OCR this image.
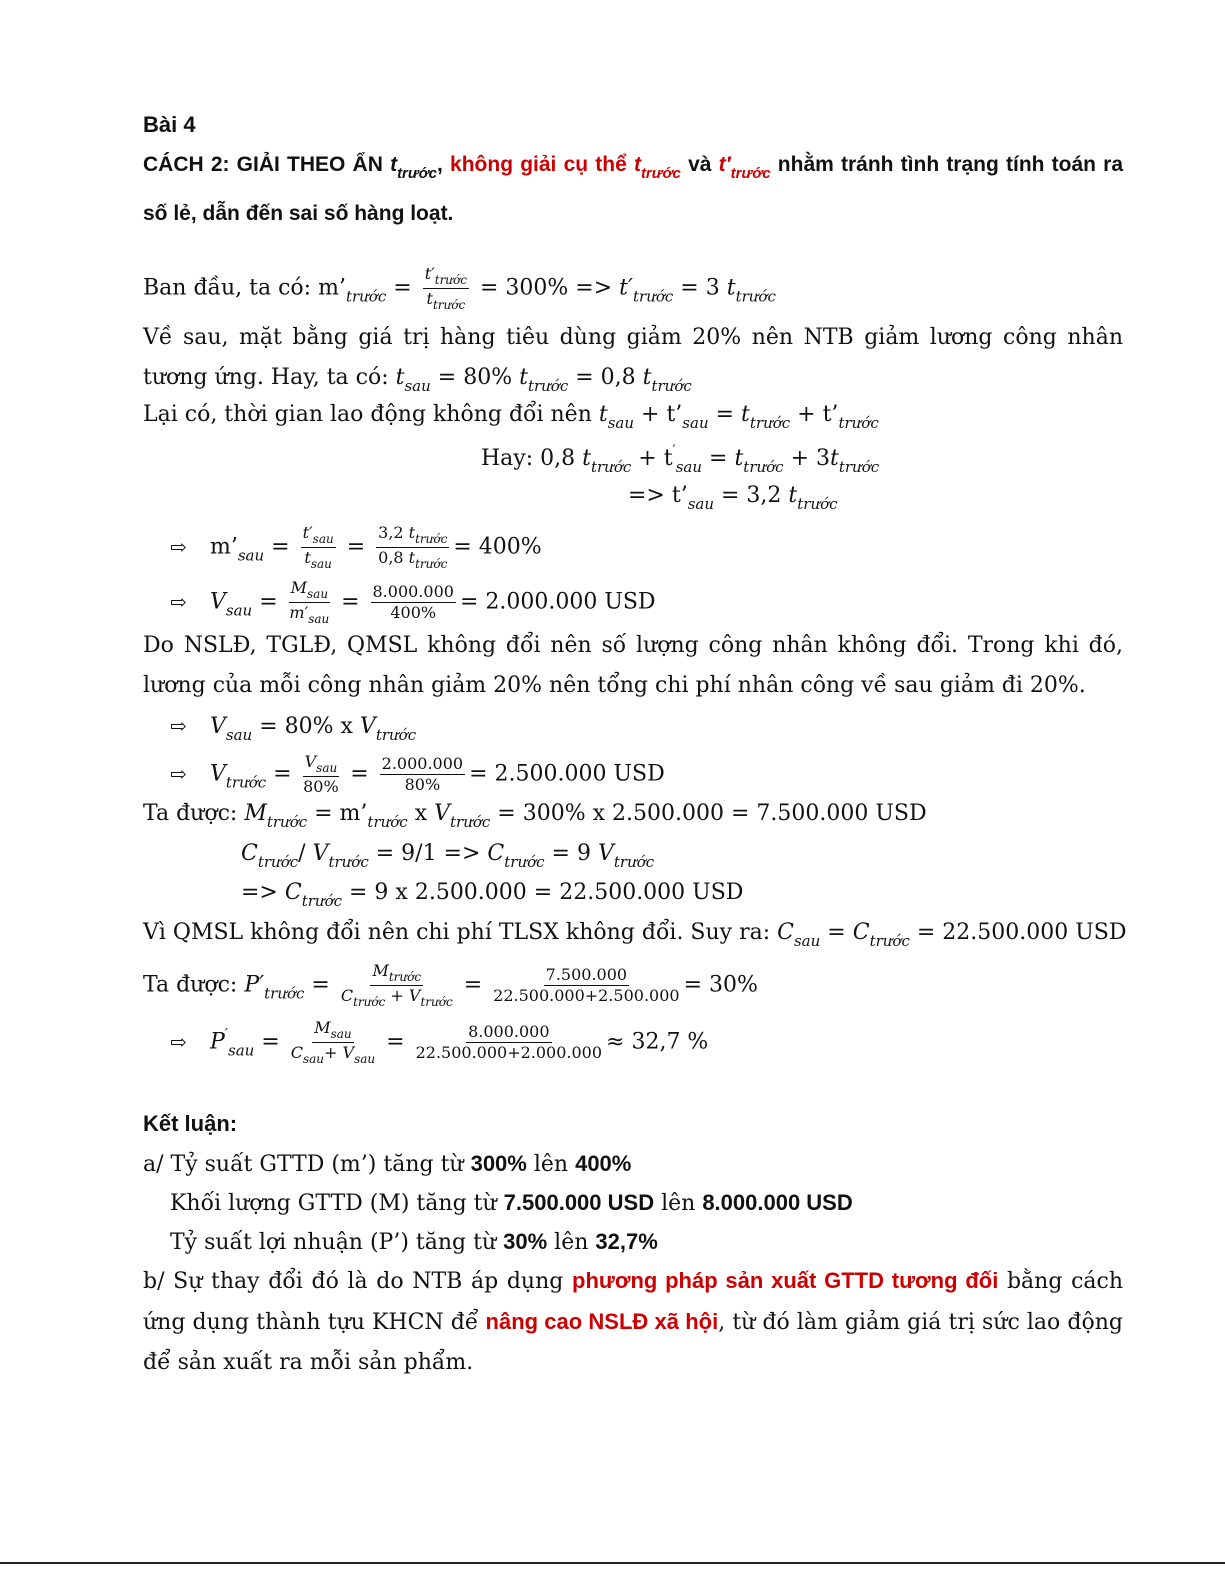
Bài 4
CÁCH 2: GIẢI THEO ẨN $t_{trước}$, không giải cụ thể $t_{trước}$ và $t'_{trước}$ nhằm tránh tình trạng tính toán ra số lẻ, dẫn đến sai số hàng loạt.
Ban đầu, ta có: $m’_{trước} = \frac{t'_{trước}}{t_{trước}} = 300\% => t'_{trước} = 3$ $t_{trước}$
Về sau, mặt bằng giá trị hàng tiêu dùng giảm 20% nên NTB giảm lương công nhân tương ứng. Hay, ta có: $t_{sau} = 80\%$ $t_{trước} = 0,8$ $t_{trước}$
Lại có, thời gian lao động không đổi nên $t_{sau}$ + $t’_{sau} = t_{trước}$ + $t’_{trước}$
Hay: 0,8 $t_{trước} + t'_{sau} = t_{trước} + 3t_{trước}$
=> $t’_{sau} = 3,2$ $t_{trước}$
⇨ $m’_{sau} = \frac{t'_{sau}}{t_{sau}} = \frac{3,2 t_{trước}}{0,8 t_{trước}} = 400\%$
⇨ $V_{sau} = \frac{M_{sau}}{m'_{sau}} = \frac{8.000.000}{400\%} = 2.000.000$ USD
Do NSLĐ, TGLĐ, QMSL không đổi nên số lượng công nhân không đổi. Trong khi đó, lương của mỗi công nhân giảm 20% nên tổng chi phí nhân công về sau giảm đi 20%.
⇨ $V_{sau} = 80\%$ x $V_{trước}$
⇨ $V_{trước} = \frac{V_{sau}}{80\%} = \frac{2.000.000}{80\%} = 2.500.000$ USD
Ta được: $M_{trước}$ = $m’_{trước}$ x $V_{trước} = 300\%$ x 2.500.000 = 7.500.000 USD
$C_{trước}/$ $V_{trước} = 9/1 => C_{trước} = 9$ $V_{trước}$
=> $C_{trước} = 9$ x 2.500.000 = 22.500.000 USD
Vì QMSL không đổi nên chi phí TLSX không đổi. Suy ra: $C_{sau} = C_{trước} = 22.500.000$ USD
Ta được: $P'_{trước} = \frac{M_{trước}}{C_{trước} + V_{trước}} = \frac{7.500.000}{22.500.000+2.500.000} = 30\%$
⇨ $P'_{sau} = \frac{M_{sau}}{C_{sau}+ V_{sau}} = \frac{8.000.000}{22.500.000+2.000.000} \approx 32,7$ %
Kết luận:
a/ Tỷ suất GTTD (m’) tăng từ 300% lên 400%
Khối lượng GTTD (M) tăng từ 7.500.000 USD lên 8.000.000 USD
Tỷ suất lợi nhuận (P’) tăng từ 30% lên 32,7%
b/ Sự thay đổi đó là do NTB áp dụng phương pháp sản xuất GTTD tương đối bằng cách ứng dụng thành tựu KHCN để nâng cao NSLĐ xã hội, từ đó làm giảm giá trị sức lao động để sản xuất ra mỗi sản phẩm.
